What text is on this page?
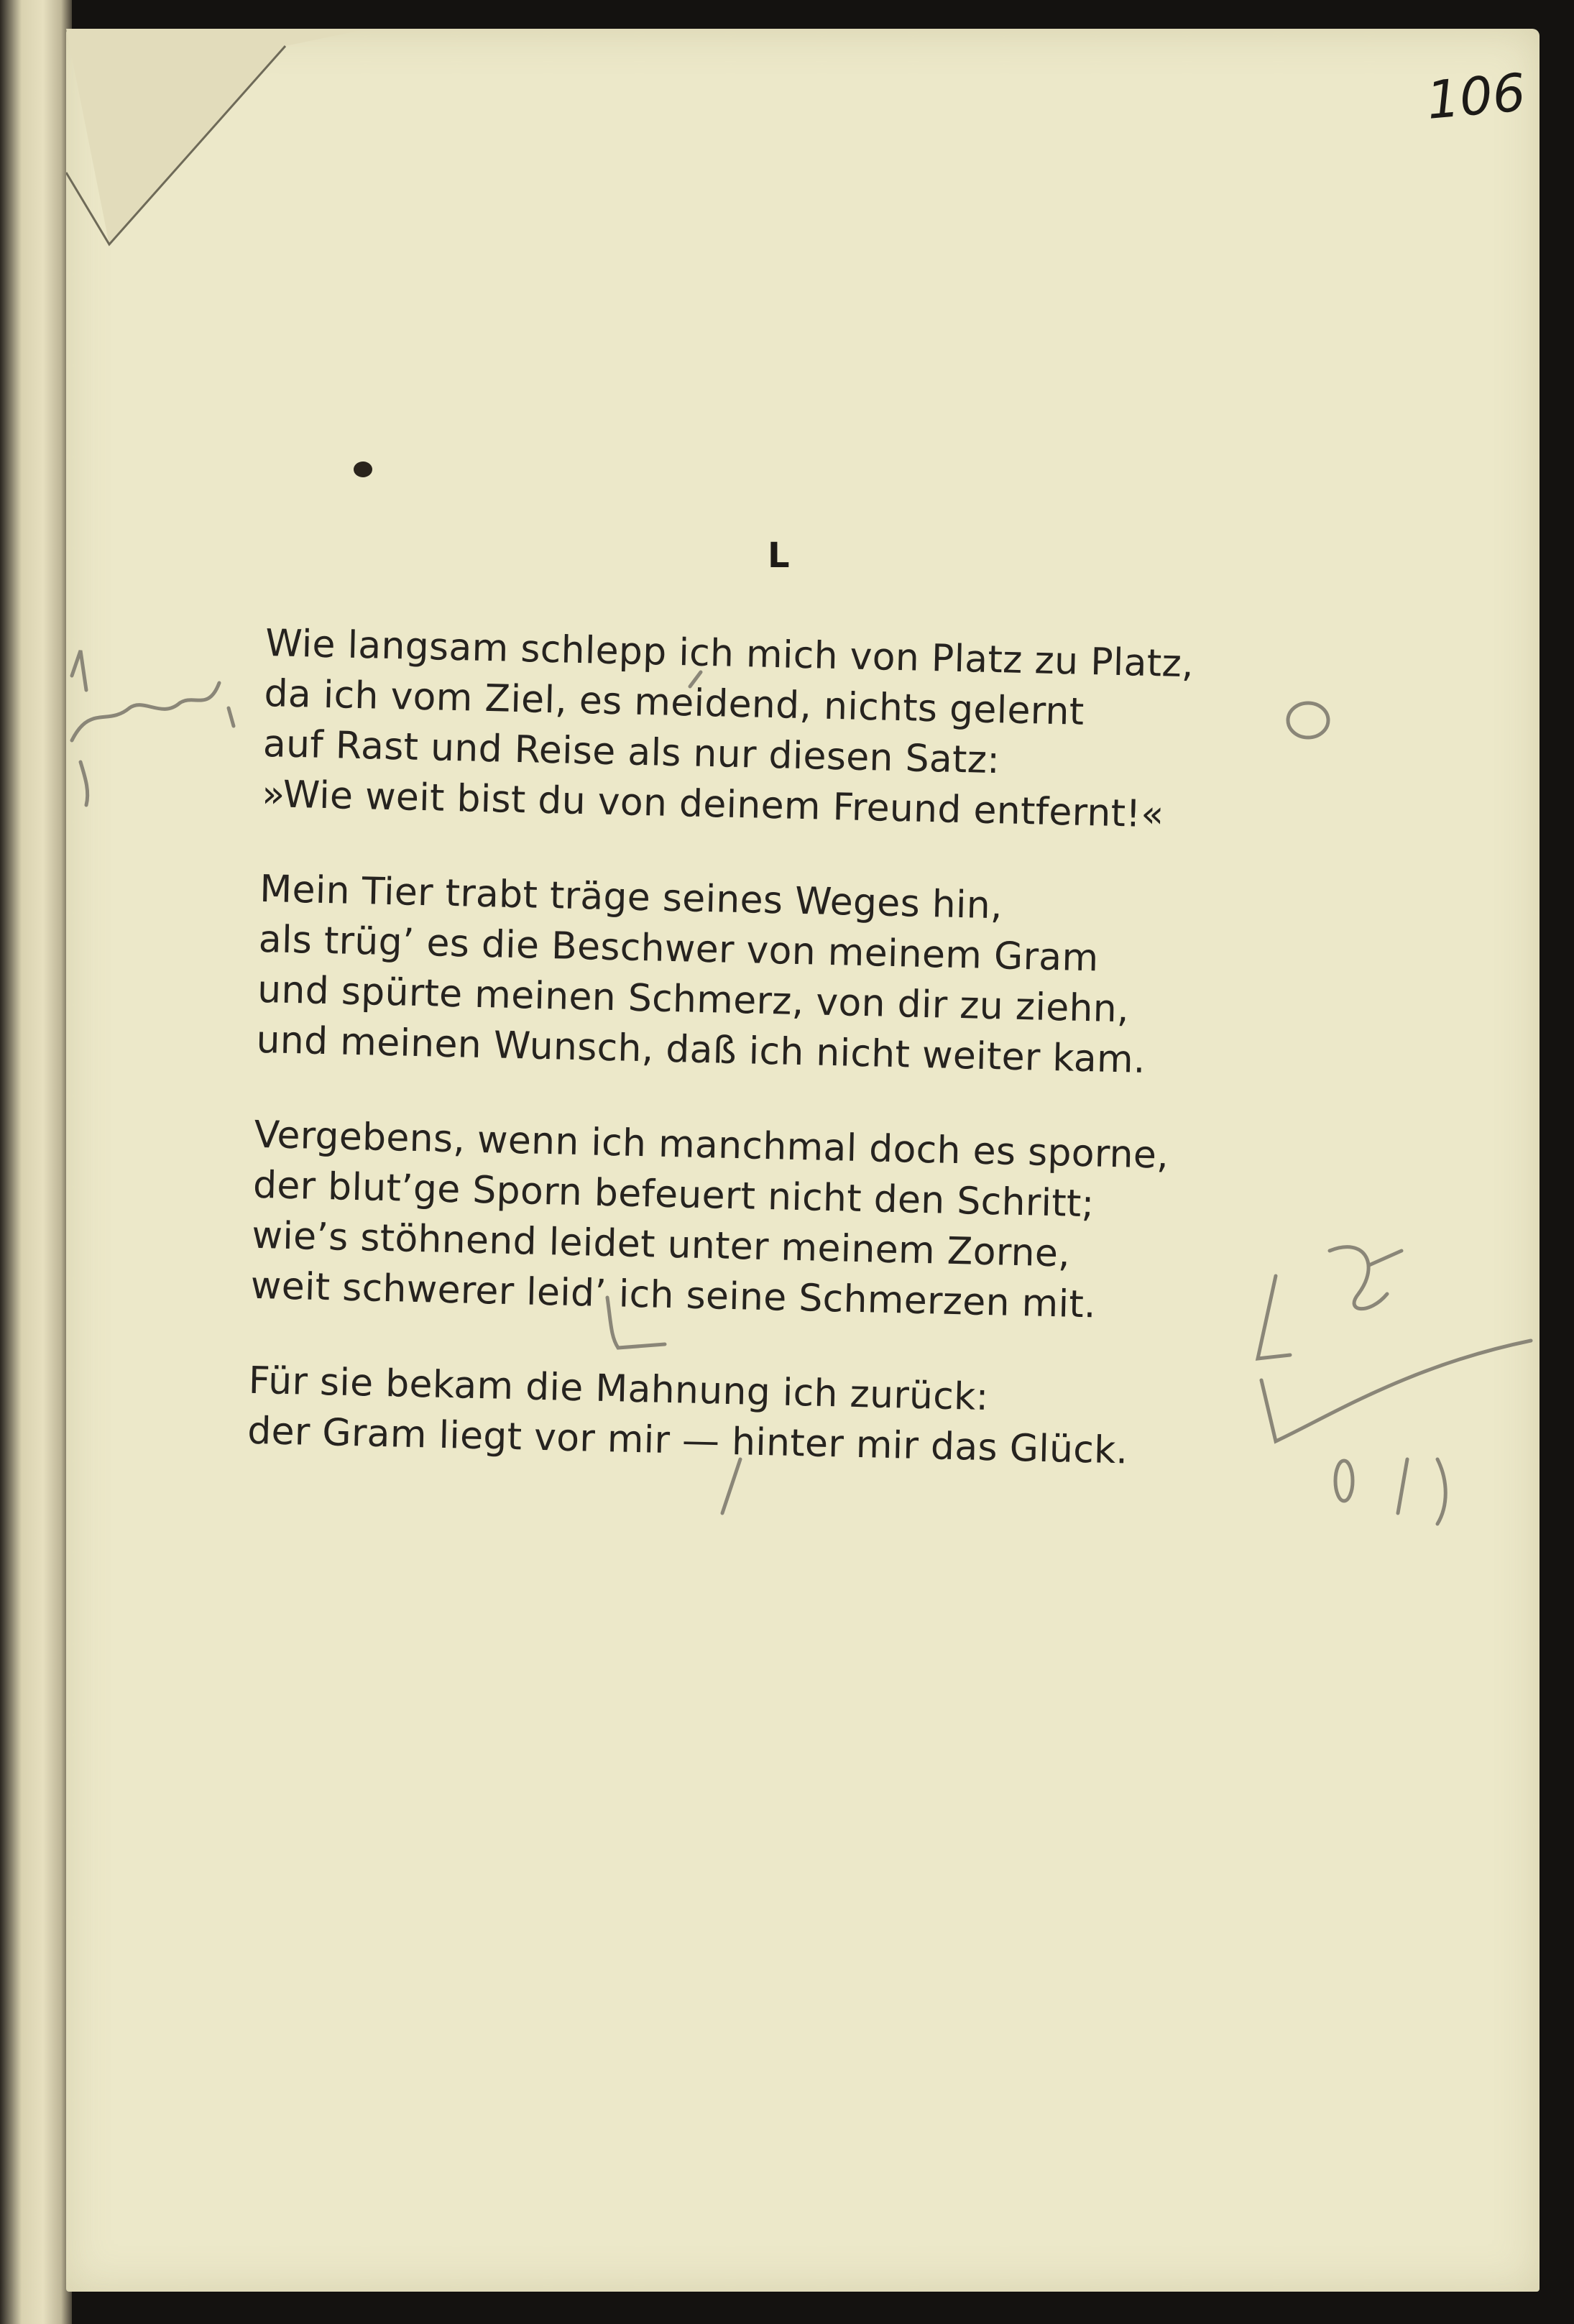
106
L
Wie langsam schlepp ich mich von Platz zu Platz,
da ich vom Ziel, es meidend, nichts gelernt
auf Rast und Reise als nur diesen Satz:
»Wie weit bist du von deinem Freund entfernt!«
Mein Tier trabt träge seines Weges hin,
als trüg’ es die Beschwer von meinem Gram
und spürte meinen Schmerz, von dir zu ziehn,
und meinen Wunsch, daß ich nicht weiter kam.
Vergebens, wenn ich manchmal doch es sporne,
der blut’ge Sporn befeuert nicht den Schritt;
wie’s stöhnend leidet unter meinem Zorne,
weit schwerer leid’ ich seine Schmerzen mit.
Für sie bekam die Mahnung ich zurück:
der Gram liegt vor mir — hinter mir das Glück.
